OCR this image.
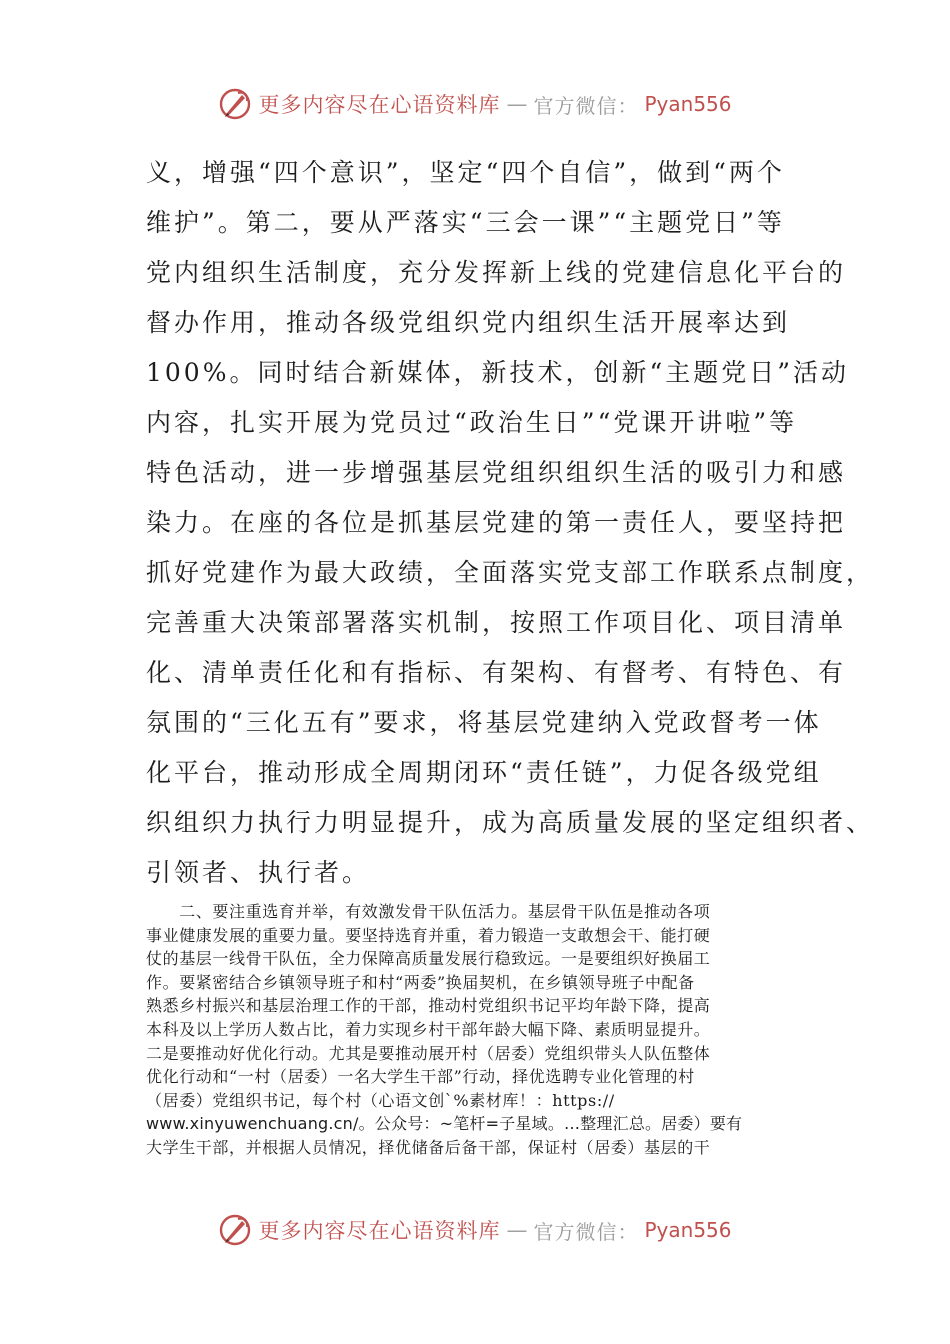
更多内容尽在心语资料库 — 官方微信： Pyan556
义，增强“四个意识”，坚定“四个自信”，做到“两个
维护”。第二，要从严落实“三会一课”“主题党日”等
党内组织生活制度，充分发挥新上线的党建信息化平台的
督办作用，推动各级党组织党内组织生活开展率达到
100%。同时结合新媒体，新技术，创新“主题党日”活动
内容，扎实开展为党员过“政治生日”“党课开讲啦”等
特色活动，进一步增强基层党组织组织生活的吸引力和感
染力。在座的各位是抓基层党建的第一责任人，要坚持把
抓好党建作为最大政绩，全面落实党支部工作联系点制度，
完善重大决策部署落实机制，按照工作项目化、项目清单
化、清单责任化和有指标、有架构、有督考、有特色、有
氛围的“三化五有”要求，将基层党建纳入党政督考一体
化平台，推动形成全周期闭环“责任链”，力促各级党组
织组织力执行力明显提升，成为高质量发展的坚定组织者、
引领者、执行者。
　　二、要注重选育并举，有效激发骨干队伍活力。基层骨干队伍是推动各项
事业健康发展的重要力量。要坚持选育并重，着力锻造一支敢想会干、能打硬
仗的基层一线骨干队伍，全力保障高质量发展行稳致远。一是要组织好换届工
作。要紧密结合乡镇领导班子和村“两委”换届契机，在乡镇领导班子中配备
熟悉乡村振兴和基层治理工作的干部，推动村党组织书记平均年龄下降，提高
本科及以上学历人数占比，着力实现乡村干部年龄大幅下降、素质明显提升。
二是要推动好优化行动。尤其是要推动展开村（居委）党组织带头人队伍整体
优化行动和“一村（居委）一名大学生干部”行动，择优选聘专业化管理的村
（居委）党组织书记，每个村（心语文创`%素材库！：https://
www.xinyuwenchuang.cn/。公众号：~笔杆=子星域。…整理汇总。居委）要有
大学生干部，并根据人员情况，择优储备后备干部，保证村（居委）基层的干
更多内容尽在心语资料库 — 官方微信： Pyan556
